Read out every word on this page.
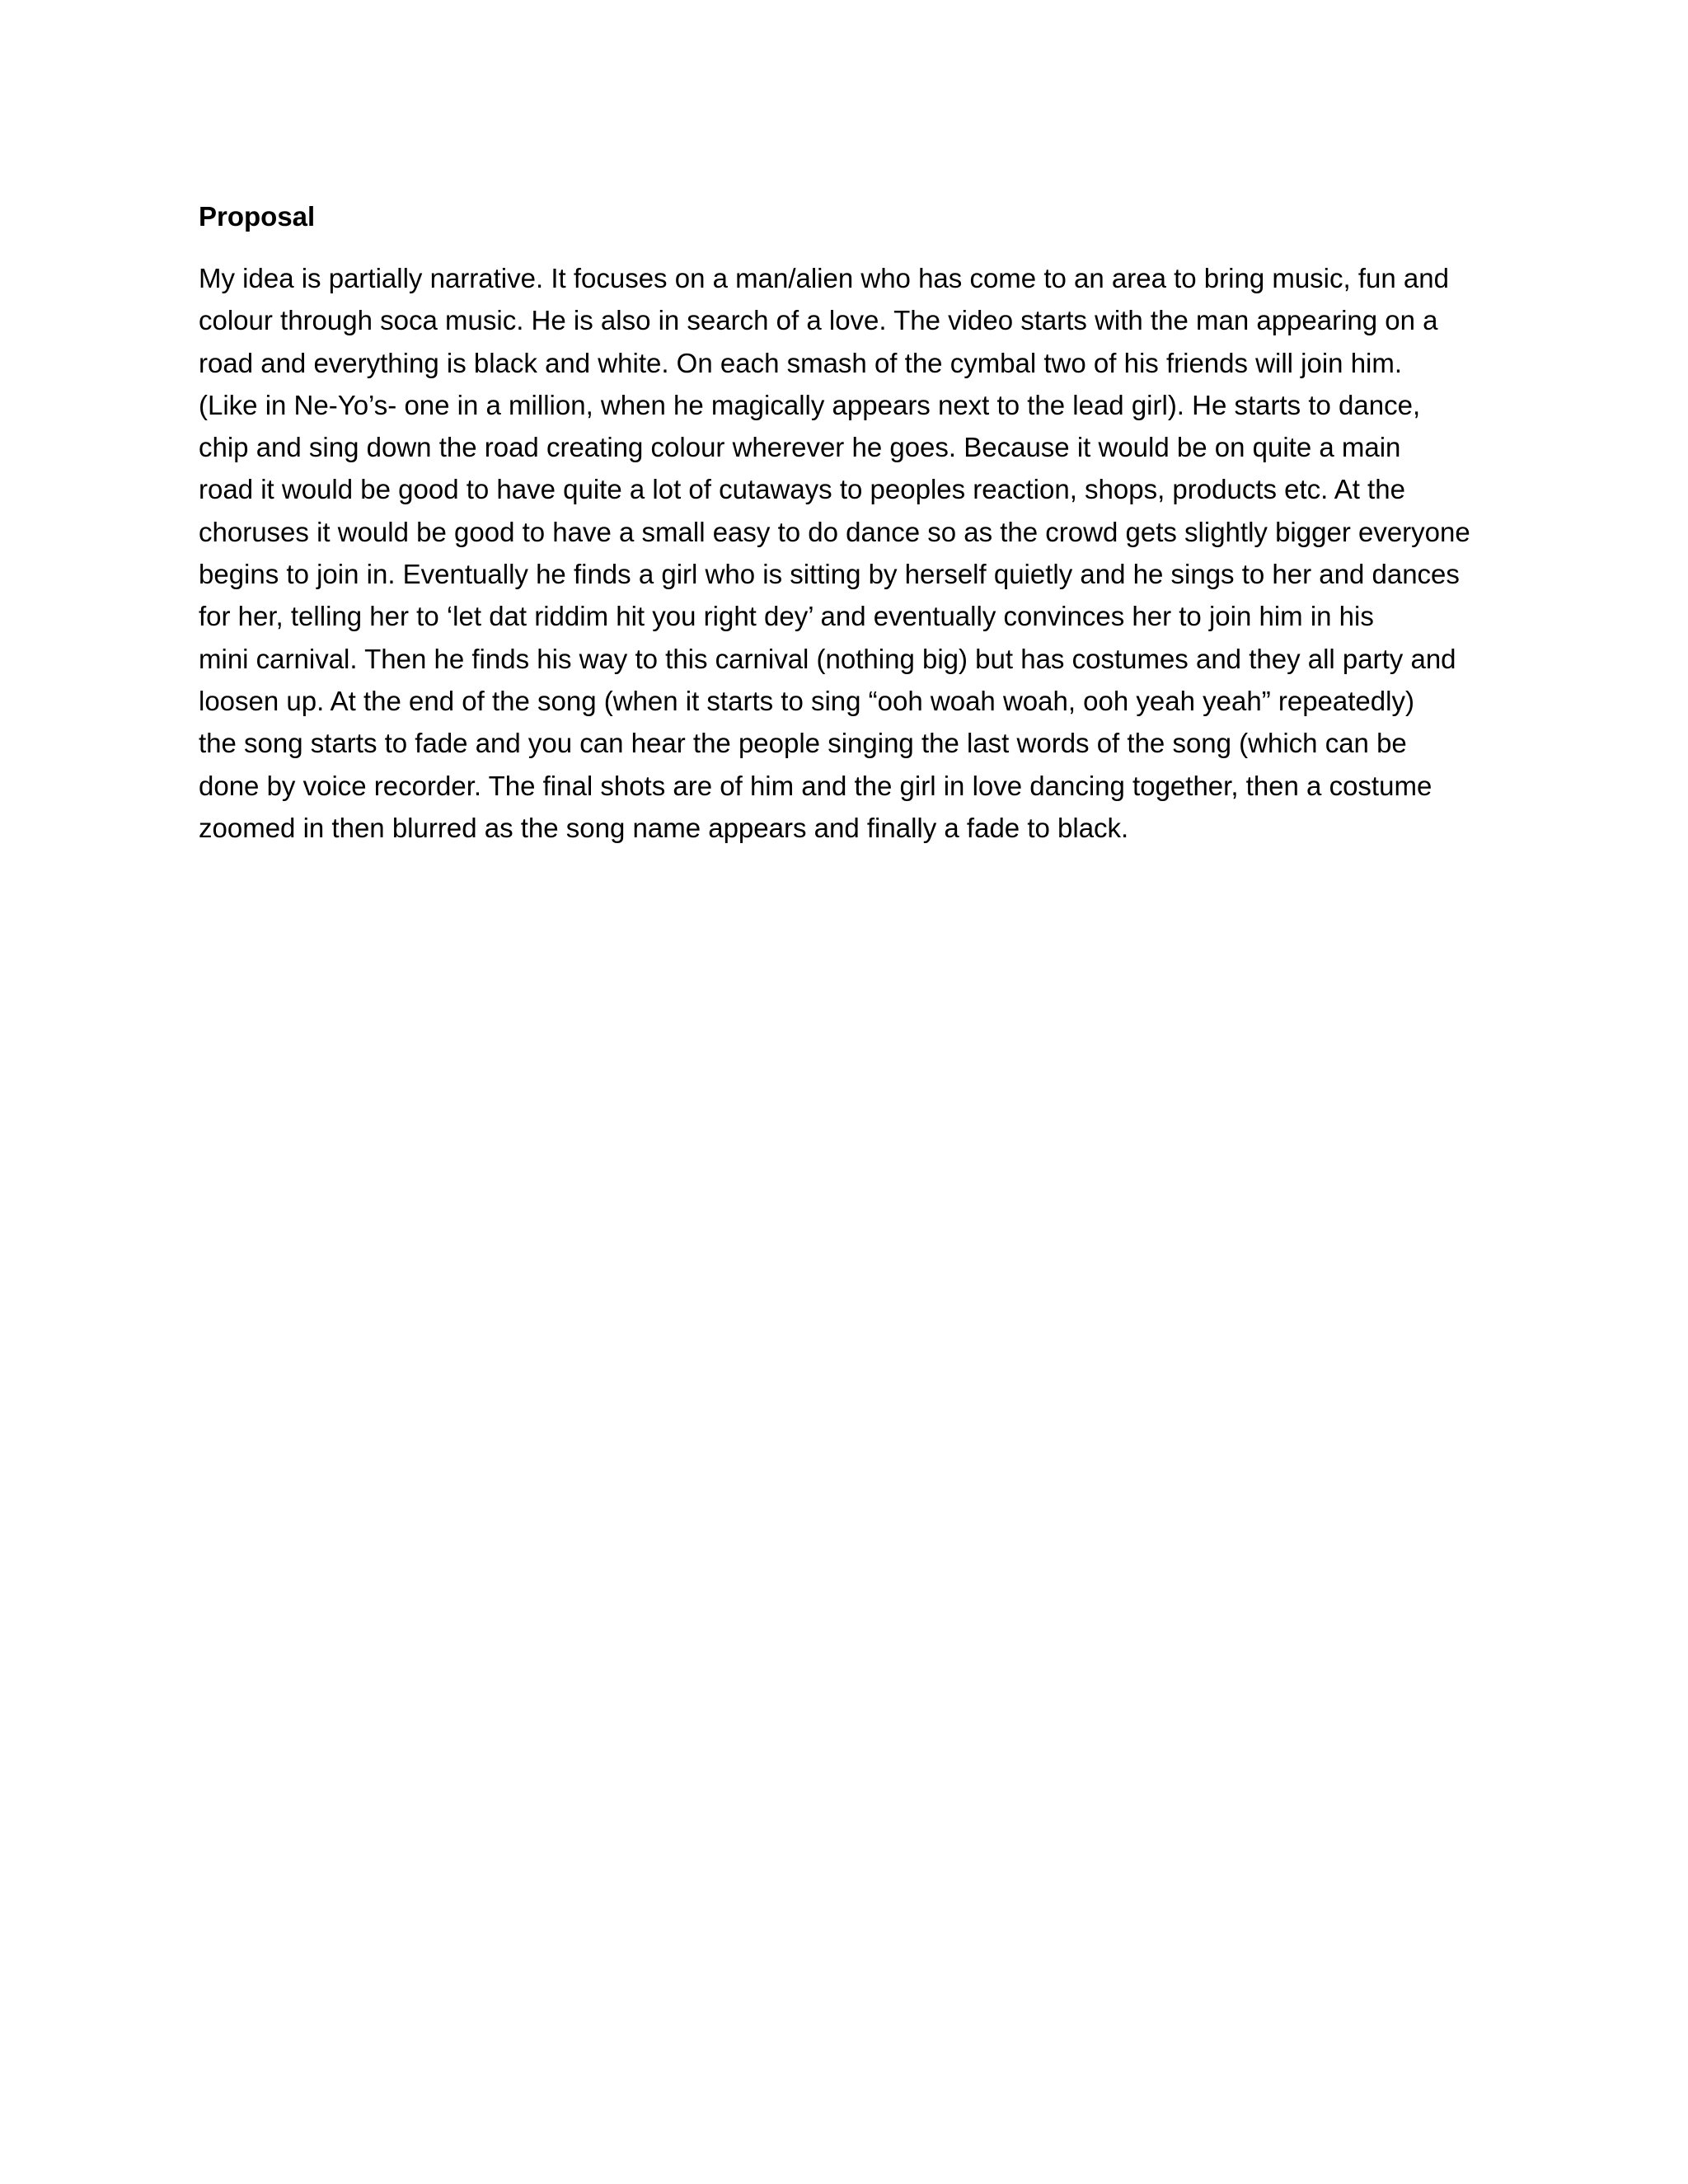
Proposal
My idea is partially narrative. It focuses on a man/alien who has come to an area to bring music, fun and
colour through soca music. He is also in search of a love. The video starts with the man appearing on a
road and everything is black and white. On each smash of the cymbal two of his friends will join him.
(Like in Ne-Yo’s- one in a million, when he magically appears next to the lead girl). He starts to dance,
chip and sing down the road creating colour wherever he goes. Because it would be on quite a main
road it would be good to have quite a lot of cutaways to peoples reaction, shops, products etc. At the
choruses it would be good to have a small easy to do dance so as the crowd gets slightly bigger everyone
begins to join in. Eventually he finds a girl who is sitting by herself quietly and he sings to her and dances
for her, telling her to ‘let dat riddim hit you right dey’ and eventually convinces her to join him in his
mini carnival. Then he finds his way to this carnival (nothing big) but has costumes and they all party and
loosen up. At the end of the song (when it starts to sing “ooh woah woah, ooh yeah yeah” repeatedly)
the song starts to fade and you can hear the people singing the last words of the song (which can be
done by voice recorder. The final shots are of him and the girl in love dancing together, then a costume
zoomed in then blurred as the song name appears and finally a fade to black.
